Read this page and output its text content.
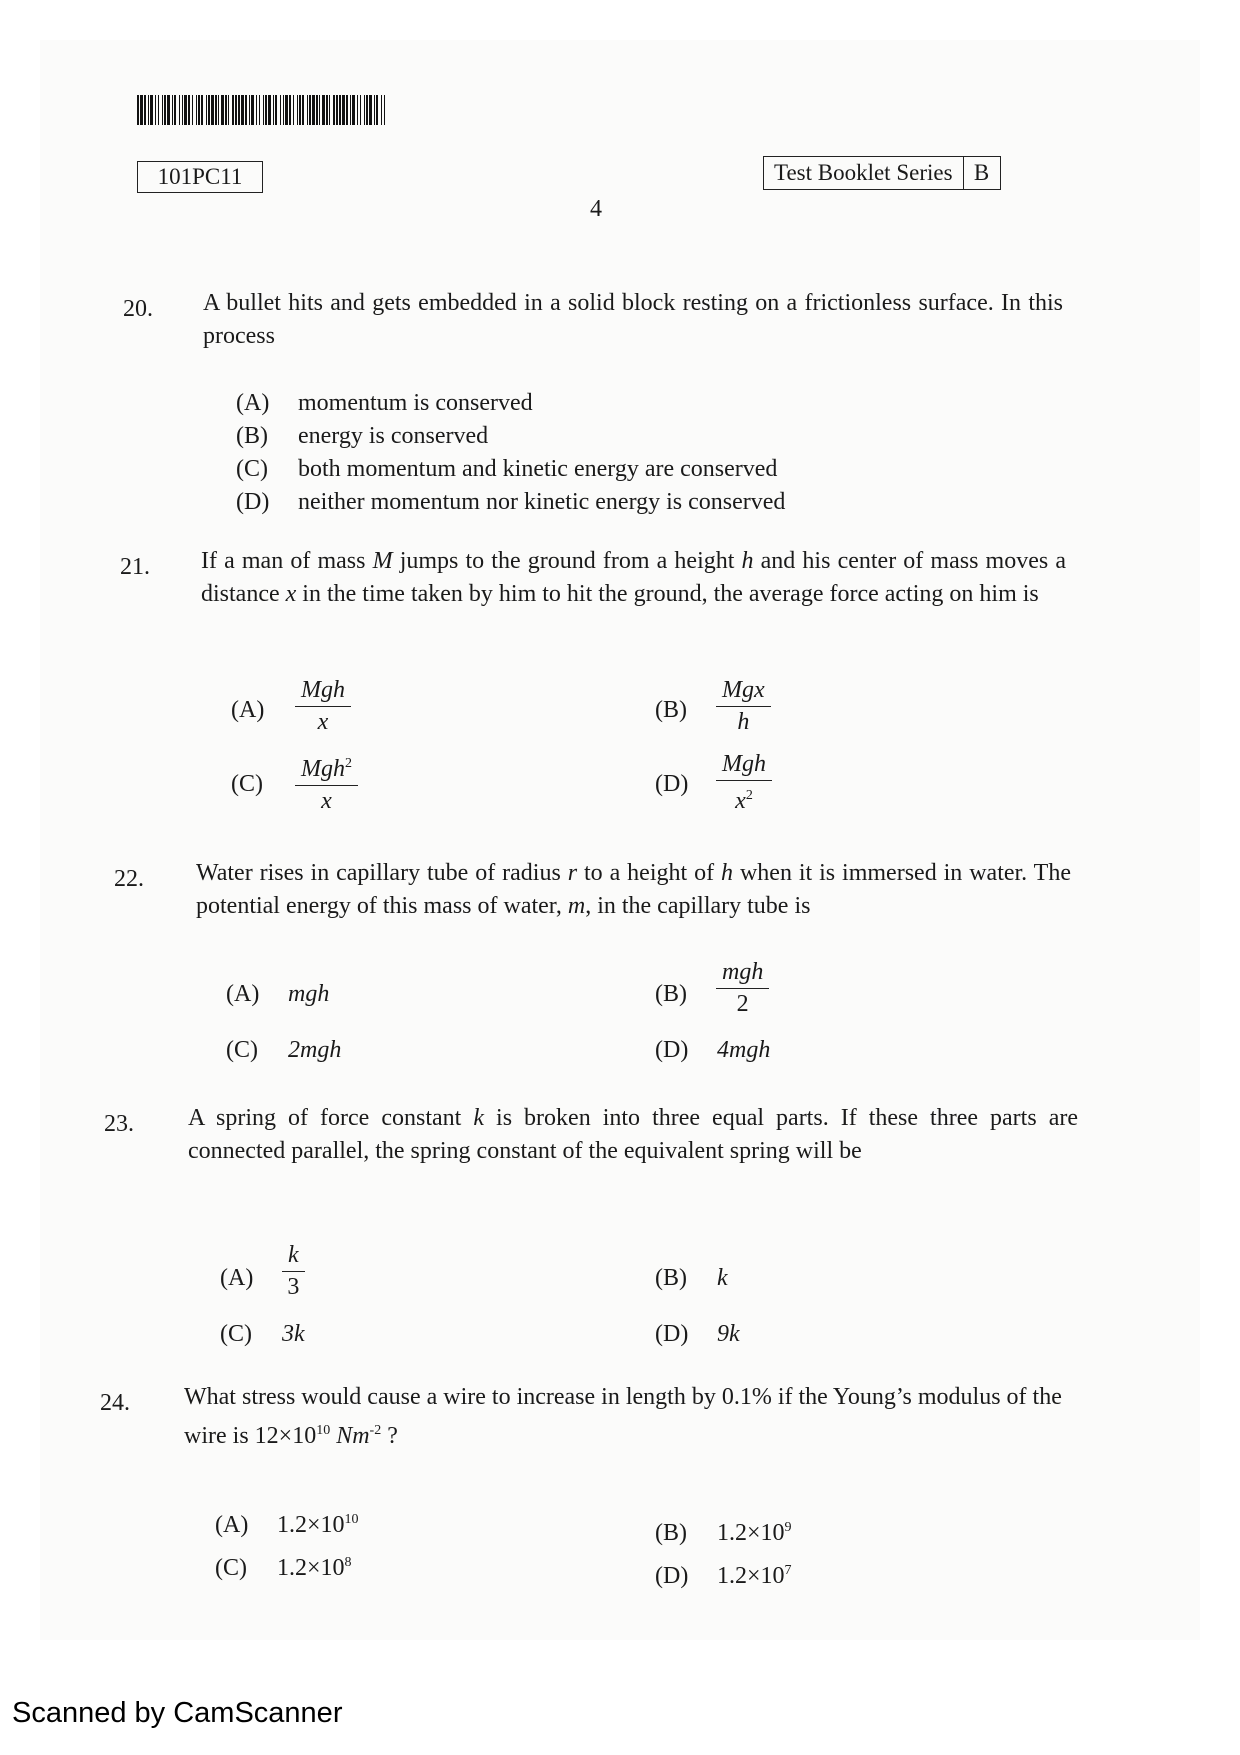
101PC11	Test Booklet Series B
4
20. A bullet hits and gets embedded in a solid block resting on a frictionless surface. In this process
(A) momentum is conserved
(B) energy is conserved
(C) both momentum and kinetic energy are conserved
(D) neither momentum nor kinetic energy is conserved
21. If a man of mass M jumps to the ground from a height h and his center of mass moves a distance x in the time taken by him to hit the ground, the average force acting on him is
(A)
Mgh
x	(B)
Mgx
h
(C)
Mgh$^2$
x
(D)
Mgh
$x^2$
22. Water rises in capillary tube of radius r to a height of h when it is immersed in water. The potential energy of this mass of water, m, in the capillary tube is
(A) mgh	(B)
mgh
2
(C) 2mgh	(D) 4mgh
23. A spring of force constant k is broken into three equal parts. If these three parts are connected parallel, the spring constant of the equivalent spring will be
$(A) \frac{k}{3}$	(B) k
(C) 3k	(D) 9k
24. What stress would cause a wire to increase in length by 0.1% if the Young’s modulus of the wire is $12\times 10^{10}$ $Nm^{-2}$ ?
(A) $1.2\times 10^{10}$
(B) $1.2\times 10^9$
(C) $1.2\times 10^8$
(D) $1.2\times 10^7$
Scanned by CamScanner
